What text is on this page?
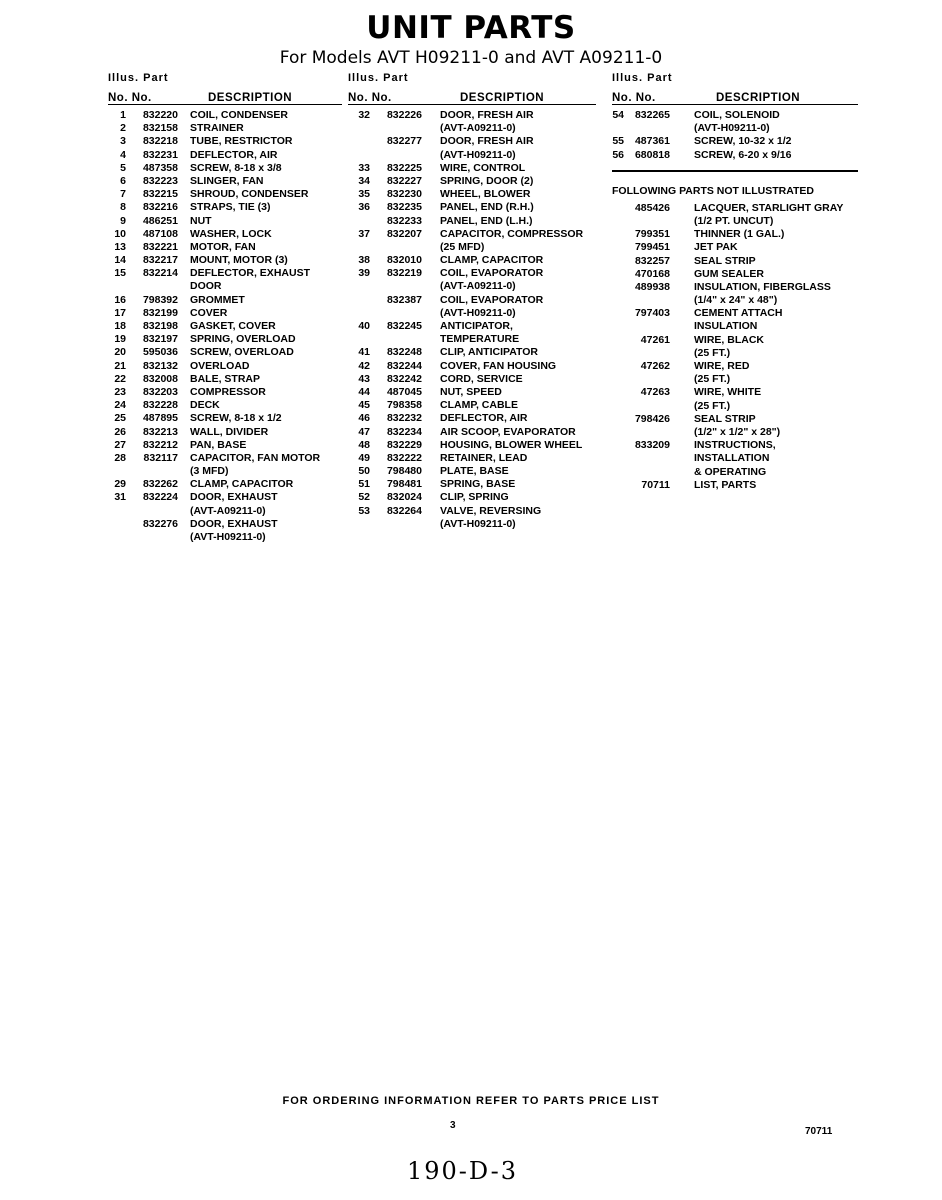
UNIT PARTS
For Models AVT H09211-0 and AVT A09211-0
Illus. Part
No. No.	DESCRIPTION
1	832220 COIL, CONDENSER
2	832158 STRAINER
3	832218 TUBE, RESTRICTOR
4	832231 DEFLECTOR, AIR
5	487358 SCREW, 8-18 x 3/8
6	832223 SLINGER, FAN
7	832215 SHROUD, CONDENSER
8	832216 STRAPS, TIE (3)
9	486251 NUT
10	487108 WASHER, LOCK
13	832221 MOTOR, FAN
14	832217 MOUNT, MOTOR (3)
15	832214 DEFLECTOR, EXHAUST
DOOR
16	798392 GROMMET
17	832199 COVER
18	832198 GASKET, COVER
19	832197 SPRING, OVERLOAD
20	595036 SCREW, OVERLOAD
21	832132 OVERLOAD
22	832008 BALE, STRAP
23	832203 COMPRESSOR
24	832228 DECK
25	487895 SCREW, 8-18 x 1/2
26	832213 WALL, DIVIDER
27	832212 PAN, BASE
28	832117 CAPACITOR, FAN MOTOR
(3 MFD)
29	832262 CLAMP, CAPACITOR
31	832224 DOOR, EXHAUST
(AVT-A09211-0)
832276 DOOR, EXHAUST
(AVT-H09211-0)
Illus. Part
No. No.	DESCRIPTION
32	832226 DOOR, FRESH AIR
(AVT-A09211-0)
832277 DOOR, FRESH AIR
(AVT-H09211-0)
33	832225 WIRE, CONTROL
34	832227 SPRING, DOOR (2)
35	832230 WHEEL, BLOWER
36	832235 PANEL, END (R.H.)
832233 PANEL, END (L.H.)
37	832207 CAPACITOR, COMPRESSOR
(25 MFD)
38	832010 CLAMP, CAPACITOR
39	832219 COIL, EVAPORATOR
(AVT-A09211-0)
832387 COIL, EVAPORATOR
(AVT-H09211-0)
40	832245 ANTICIPATOR,
TEMPERATURE
41	832248 CLIP, ANTICIPATOR
42	832244 COVER, FAN HOUSING
43	832242 CORD, SERVICE
44	487045 NUT, SPEED
45	798358 CLAMP, CABLE
46	832232 DEFLECTOR, AIR
47	832234 AIR SCOOP, EVAPORATOR
48	832229 HOUSING, BLOWER WHEEL
49	832222 RETAINER, LEAD
50	798480 PLATE, BASE
51	798481 SPRING, BASE
52	832024 CLIP, SPRING
53	832264 VALVE, REVERSING
(AVT-H09211-0)
Illus. Part
No. No.	DESCRIPTION
54	832265 COIL, SOLENOID
(AVT-H09211-0)
55	487361 SCREW, 10-32 x 1/2
56	680818 SCREW, 6-20 x 9/16
FOLLOWING PARTS NOT ILLUSTRATED
485426 LACQUER, STARLIGHT GRAY
(1/2 PT. UNCUT)
799351 THINNER (1 GAL.)
799451 JET PAK
832257 SEAL STRIP
470168 GUM SEALER
489938 INSULATION, FIBERGLASS
(1/4" x 24" x 48")
797403 CEMENT ATTACH
INSULATION
47261 WIRE, BLACK
(25 FT.)
47262 WIRE, RED
(25 FT.)
47263 WIRE, WHITE
(25 FT.)
798426 SEAL STRIP
(1/2" x 1/2" x 28")
833209 INSTRUCTIONS,
INSTALLATION
& OPERATING
70711 LIST, PARTS
FOR ORDERING INFORMATION REFER TO PARTS PRICE LIST
3
70711
190-D-3
